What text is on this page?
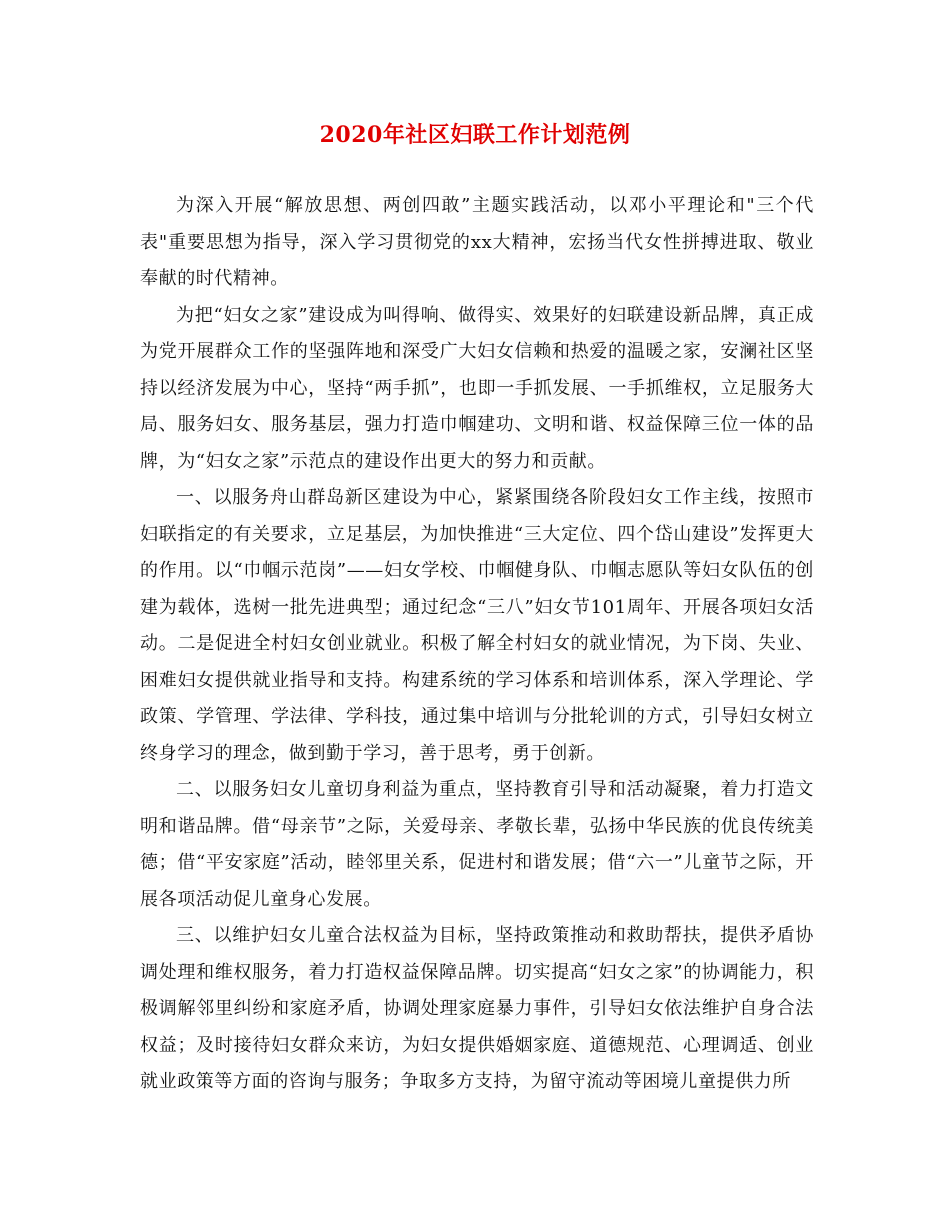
2020年社区妇联工作计划范例

为深入开展“解放思想、两创四敢”主题实践活动，以邓小平理论和"三个代表"重要思想为指导，深入学习贯彻党的xx大精神，宏扬当代女性拼搏进取、敬业奉献的时代精神。

为把“妇女之家”建设成为叫得响、做得实、效果好的妇联建设新品牌，真正成为党开展群众工作的坚强阵地和深受广大妇女信赖和热爱的温暖之家，安澜社区坚持以经济发展为中心，坚持“两手抓”，也即一手抓发展、一手抓维权，立足服务大局、服务妇女、服务基层，强力打造巾帼建功、文明和谐、权益保障三位一体的品牌，为“妇女之家”示范点的建设作出更大的努力和贡献。

一、以服务舟山群岛新区建设为中心，紧紧围绕各阶段妇女工作主线，按照市妇联指定的有关要求，立足基层，为加快推进“三大定位、四个岱山建设”发挥更大的作用。以“巾帼示范岗”——妇女学校、巾帼健身队、巾帼志愿队等妇女队伍的创建为载体，选树一批先进典型；通过纪念“三八”妇女节101周年、开展各项妇女活动。二是促进全村妇女创业就业。积极了解全村妇女的就业情况，为下岗、失业、困难妇女提供就业指导和支持。构建系统的学习体系和培训体系，深入学理论、学政策、学管理、学法律、学科技，通过集中培训与分批轮训的方式，引导妇女树立终身学习的理念，做到勤于学习，善于思考，勇于创新。

二、以服务妇女儿童切身利益为重点，坚持教育引导和活动凝聚，着力打造文明和谐品牌。借“母亲节”之际，关爱母亲、孝敬长辈，弘扬中华民族的优良传统美德；借“平安家庭”活动，睦邻里关系，促进村和谐发展；借“六一”儿童节之际，开展各项活动促儿童身心发展。

三、以维护妇女儿童合法权益为目标，坚持政策推动和救助帮扶，提供矛盾协调处理和维权服务，着力打造权益保障品牌。切实提高“妇女之家”的协调能力，积极调解邻里纠纷和家庭矛盾，协调处理家庭暴力事件，引导妇女依法维护自身合法权益；及时接待妇女群众来访，为妇女提供婚姻家庭、道德规范、心理调适、创业就业政策等方面的咨询与服务；争取多方支持，为留守流动等困境儿童提供力所
